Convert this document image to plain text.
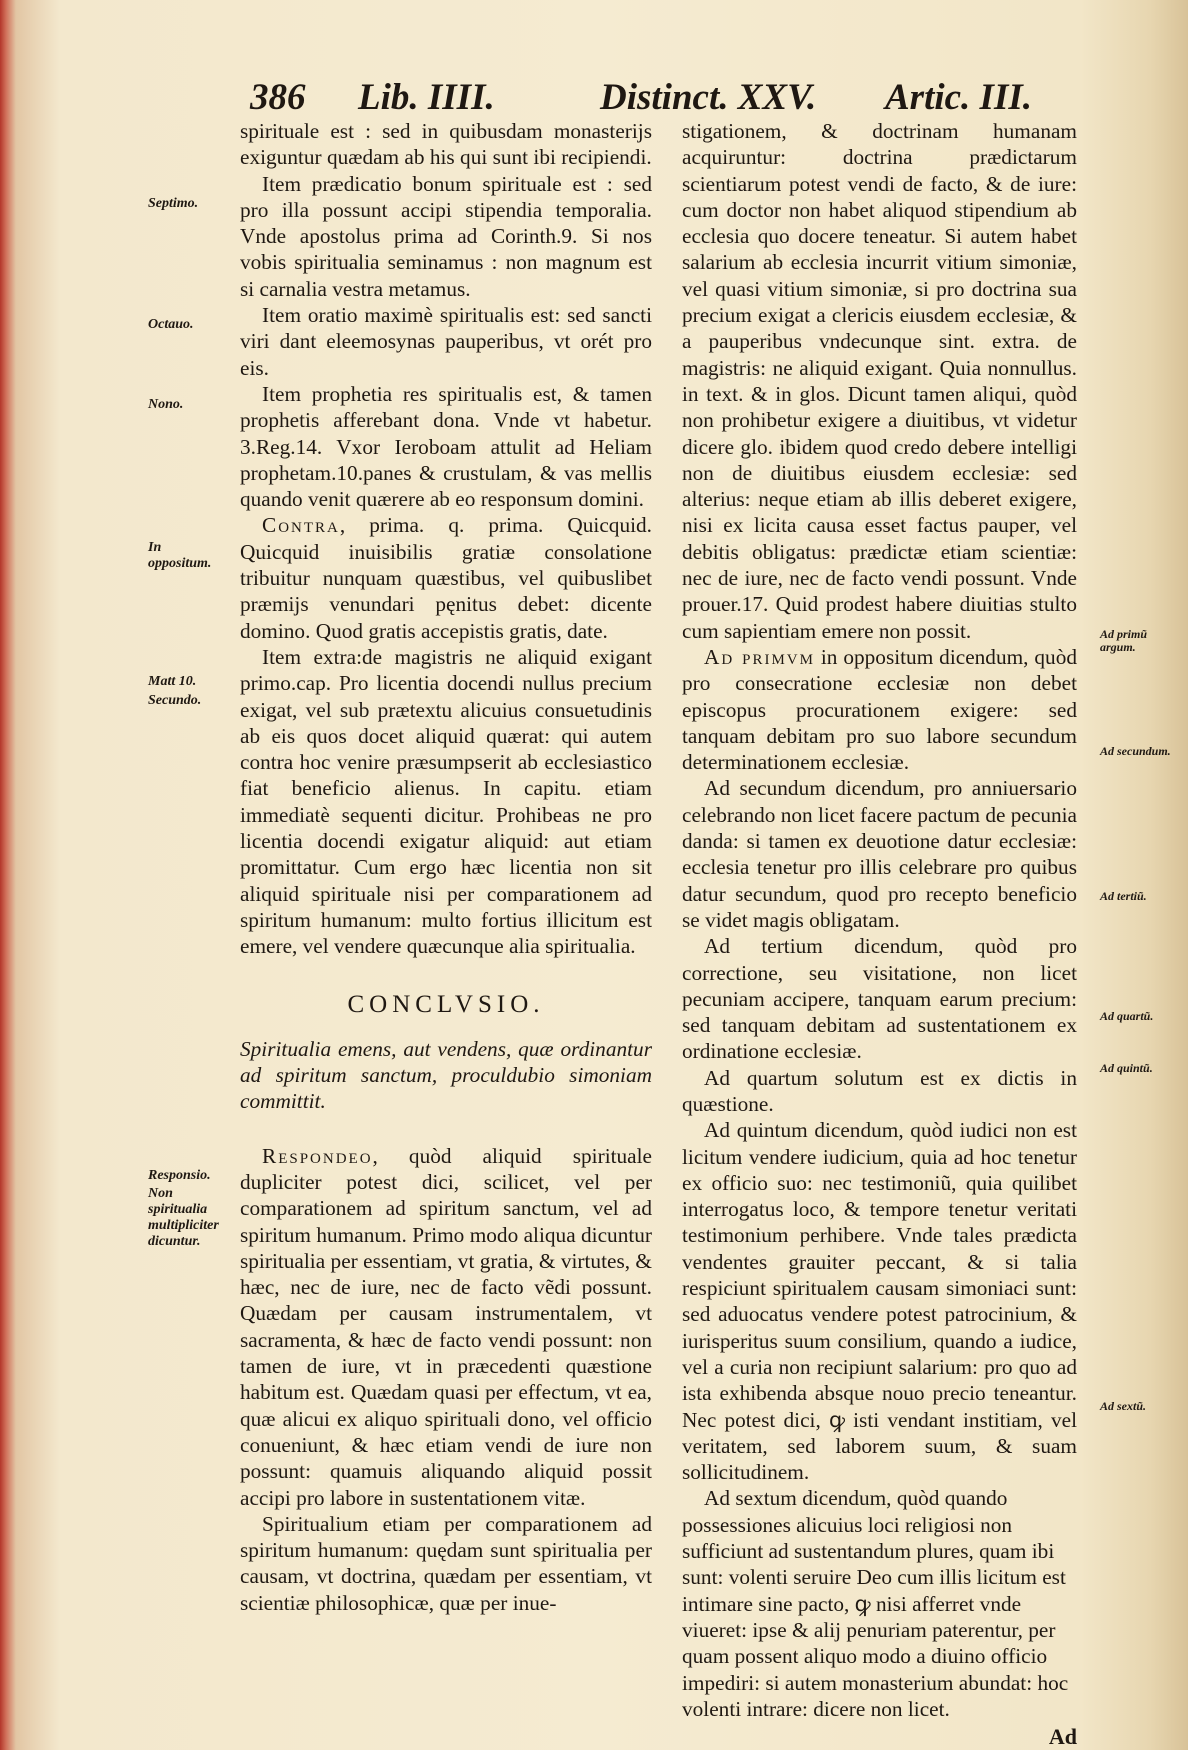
386 Lib. IIII.	Distinct. XXV. Artic. III.
Septimo.
Octauo.
Nono.
In oppositum.
Matt 10.
Secundo.
Responsio.
Non spiritualia multipliciter dicuntur.
Ad primũ argum.
Ad secundum.
Ad tertiũ.
Ad quartũ.
Ad quintũ.
Ad sextũ.

spirituale est : sed in quibusdam monasterijs exiguntur quædam ab his qui sunt ibi recipiendi.

Item prædicatio bonum spirituale est : sed pro illa possunt accipi stipendia temporalia. Vnde apostolus prima ad Corinth.9. Si nos vobis spiritualia seminamus : non magnum est si carnalia vestra metamus.

Item oratio maximè spiritualis est: sed sancti viri dant eleemosynas pauperibus, vt orét pro eis.

Item prophetia res spiritualis est, & tamen prophetis afferebant dona. Vnde vt habetur. 3.Reg.14. Vxor Ieroboam attulit ad Heliam prophetam.10.panes & crustulam, & vas mellis quando venit quærere ab eo responsum domini.

Contra, prima. q. prima. Quicquid. Quicquid inuisibilis gratiæ consolatione tribuitur nunquam quæstibus, vel quibuslibet præmijs venundari pęnitus debet: dicente domino. Quod gratis accepistis gratis, date.

Item extra:de magistris ne aliquid exigant primo.cap. Pro licentia docendi nullus precium exigat, vel sub prætextu alicuius consuetudinis ab eis quos docet aliquid quærat: qui autem contra hoc venire præsumpserit ab ecclesiastico fiat beneficio alienus. In capitu. etiam immediatè sequenti dicitur. Prohibeas ne pro licentia docendi exigatur aliquid: aut etiam promittatur. Cum ergo hæc licentia non sit aliquid spirituale nisi per comparationem ad spiritum humanum: multo fortius illicitum est emere, vel vendere quæcunque alia spiritualia.

CONCLVSIO.

Spiritualia emens, aut vendens, quæ ordinantur ad spiritum sanctum, proculdubio simoniam committit.

Respondeo, quòd aliquid spirituale dupliciter potest dici, scilicet, vel per comparationem ad spiritum sanctum, vel ad spiritum humanum. Primo modo aliqua dicuntur spiritualia per essentiam, vt gratia, & virtutes, & hæc, nec de iure, nec de facto vẽdi possunt. Quædam per causam instrumentalem, vt sacramenta, & hæc de facto vendi possunt: non tamen de iure, vt in præcedenti quæstione habitum est. Quædam quasi per effectum, vt ea, quæ alicui ex aliquo spirituali dono, vel officio conueniunt, & hæc etiam vendi de iure non possunt: quamuis aliquando aliquid possit accipi pro labore in sustentationem vitæ.

Spiritualium etiam per comparationem ad spiritum humanum: quędam sunt spiritualia per causam, vt doctrina, quædam per essentiam, vt scientiæ philosophicæ, quæ per inue-

stigationem, & doctrinam humanam acquiruntur: doctrina prædictarum scientiarum potest vendi de facto, & de iure: cum doctor non habet aliquod stipendium ab ecclesia quo docere teneatur. Si autem habet salarium ab ecclesia incurrit vitium simoniæ, vel quasi vitium simoniæ, si pro doctrina sua precium exigat a clericis eiusdem ecclesiæ, & a pauperibus vndecunque sint. extra. de magistris: ne aliquid exigant. Quia nonnullus. in text. & in glos. Dicunt tamen aliqui, quòd non prohibetur exigere a diuitibus, vt videtur dicere glo. ibidem quod credo debere intelligi non de diuitibus eiusdem ecclesiæ: sed alterius: neque etiam ab illis deberet exigere, nisi ex licita causa esset factus pauper, vel debitis obligatus: prædictæ etiam scientiæ: nec de iure, nec de facto vendi possunt. Vnde prouer.17. Quid prodest habere diuitias stulto cum sapientiam emere non possit.

Ad primvm in oppositum dicendum, quòd pro consecratione ecclesiæ non debet episcopus procurationem exigere: sed tanquam debitam pro suo labore secundum determinationem ecclesiæ.

Ad secundum dicendum, pro anniuersario celebrando non licet facere pactum de pecunia danda: si tamen ex deuotione datur ecclesiæ: ecclesia tenetur pro illis celebrare pro quibus datur secundum, quod pro recepto beneficio se videt magis obligatam.

Ad tertium dicendum, quòd pro correctione, seu visitatione, non licet pecuniam accipere, tanquam earum precium: sed tanquam debitam ad sustentationem ex ordinatione ecclesiæ.

Ad quartum solutum est ex dictis in quæstione.

Ad quintum dicendum, quòd iudici non est licitum vendere iudicium, quia ad hoc tenetur ex officio suo: nec testimoniũ, quia quilibet interrogatus loco, & tempore tenetur veritati testimonium perhibere. Vnde tales prædicta vendentes grauiter peccant, & si talia respiciunt spiritualem causam simoniaci sunt: sed aduocatus vendere potest patrocinium, & iurisperitus suum consilium, quando a iudice, vel a curia non recipiunt salarium: pro quo ad ista exhibenda absque nouo precio teneantur. Nec potest dici, ꝙ isti vendant institiam, vel veritatem, sed laborem suum, & suam sollicitudinem.

Ad sextum dicendum, quòd quando possessiones alicuius loci religiosi non sufficiunt ad sustentandum plures, quam ibi sunt: volenti seruire Deo cum illis licitum est intimare sine pacto, ꝙ nisi afferret vnde viueret: ipse & alij penuriam paterentur, per quam possent aliquo modo a diuino officio impediri: si autem monasterium abundat: hoc volenti intrare: dicere non licet.

Ad
